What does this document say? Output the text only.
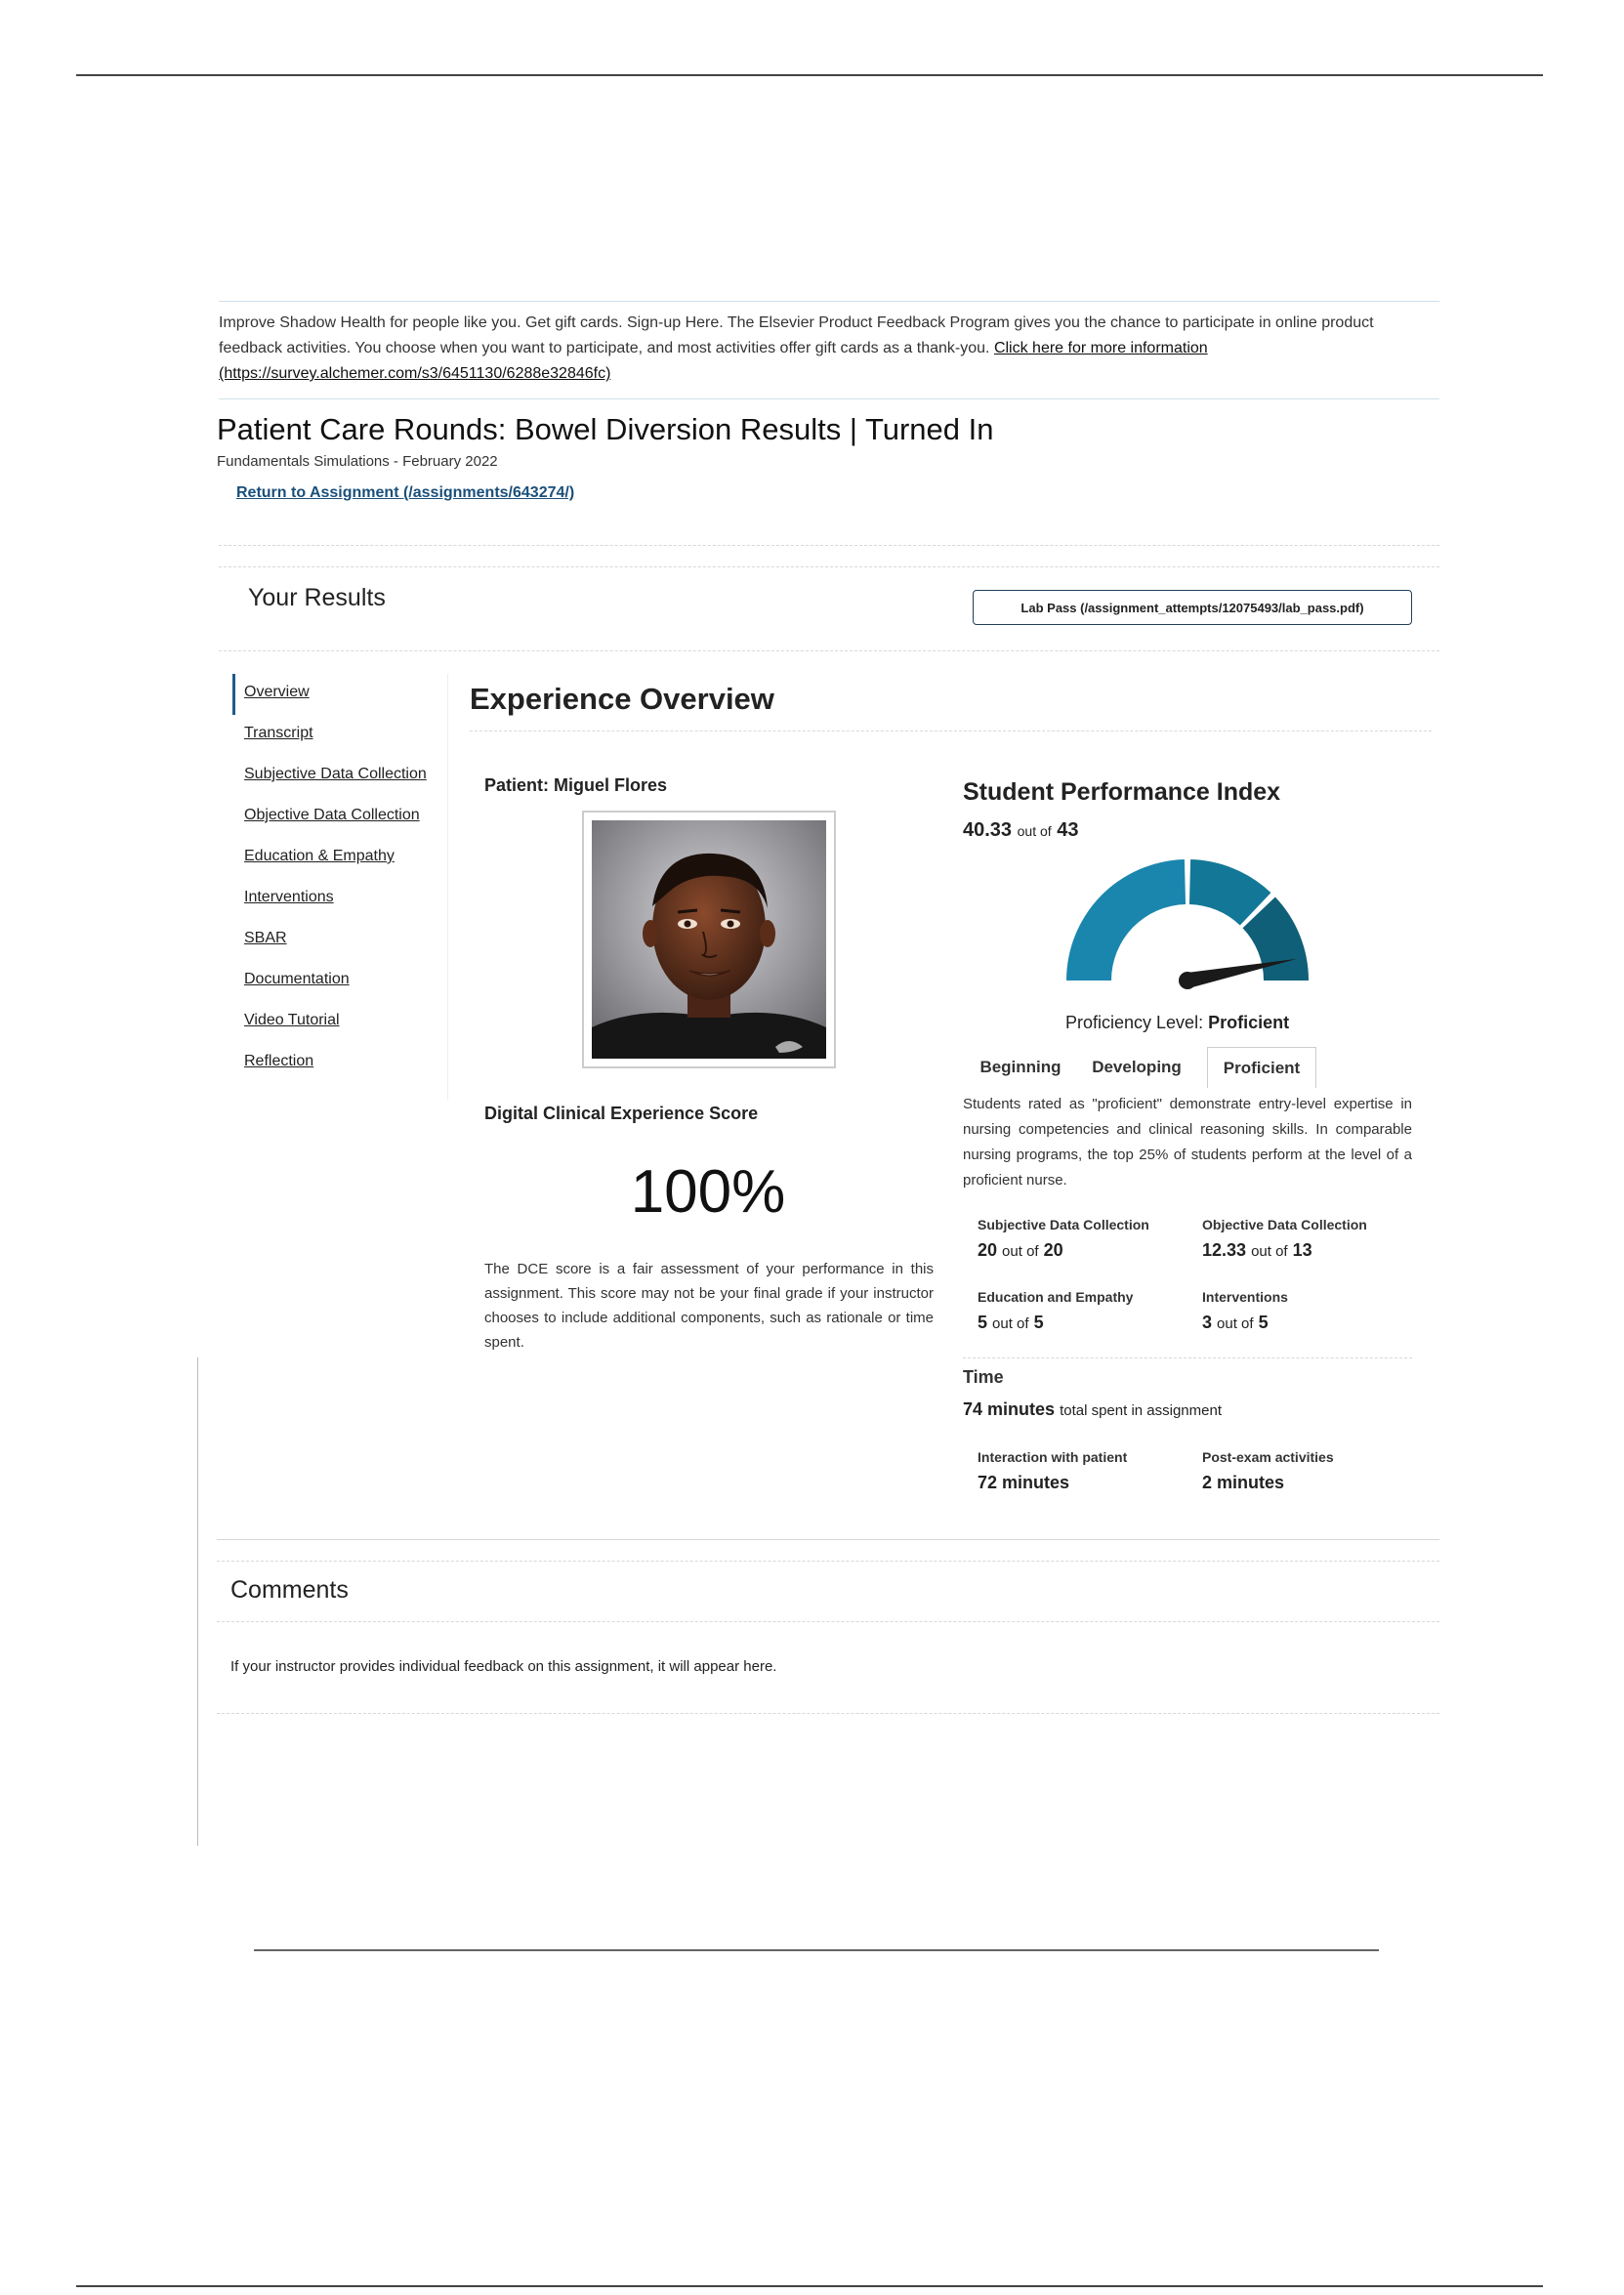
Improve Shadow Health for people like you. Get gift cards. Sign-up Here. The Elsevier Product Feedback Program gives you the chance to participate in online product feedback activities. You choose when you want to participate, and most activities offer gift cards as a thank-you. Click here for more information
(https://survey.alchemer.com/s3/6451130/6288e32846fc)
Patient Care Rounds: Bowel Diversion Results | Turned In
Fundamentals Simulations - February 2022
Return to Assignment (/assignments/643274/)
Your Results	Lab Pass (/assignment_attempts/12075493/lab_pass.pdf)
Overview
Transcript
Subjective Data Collection
Objective Data Collection
Education & Empathy
Interventions
SBAR
Documentation
Video Tutorial
Reflection
Experience Overview
Patient: Miguel Flores
Digital Clinical Experience Score
100%
The DCE score is a fair assessment of your performance in this assignment. This score may not be your final grade if your instructor chooses to include additional components, such as rationale or time spent.
Student Performance Index
40.33 out of 43
Proficiency Level: Proficient
Beginning	Developing	Proficient
Students rated as "proficient" demonstrate entry-level expertise in nursing competencies and clinical reasoning skills. In comparable nursing programs, the top 25% of students perform at the level of a proficient nurse.
Subjective Data Collection
20 out of 20
Objective Data Collection
12.33 out of 13
Education and Empathy
5 out of 5
Interventions
3 out of 5
Time
74 minutes total spent in assignment
Interaction with patient
72 minutes
Post-exam activities
2 minutes
Comments
If your instructor provides individual feedback on this assignment, it will appear here.
